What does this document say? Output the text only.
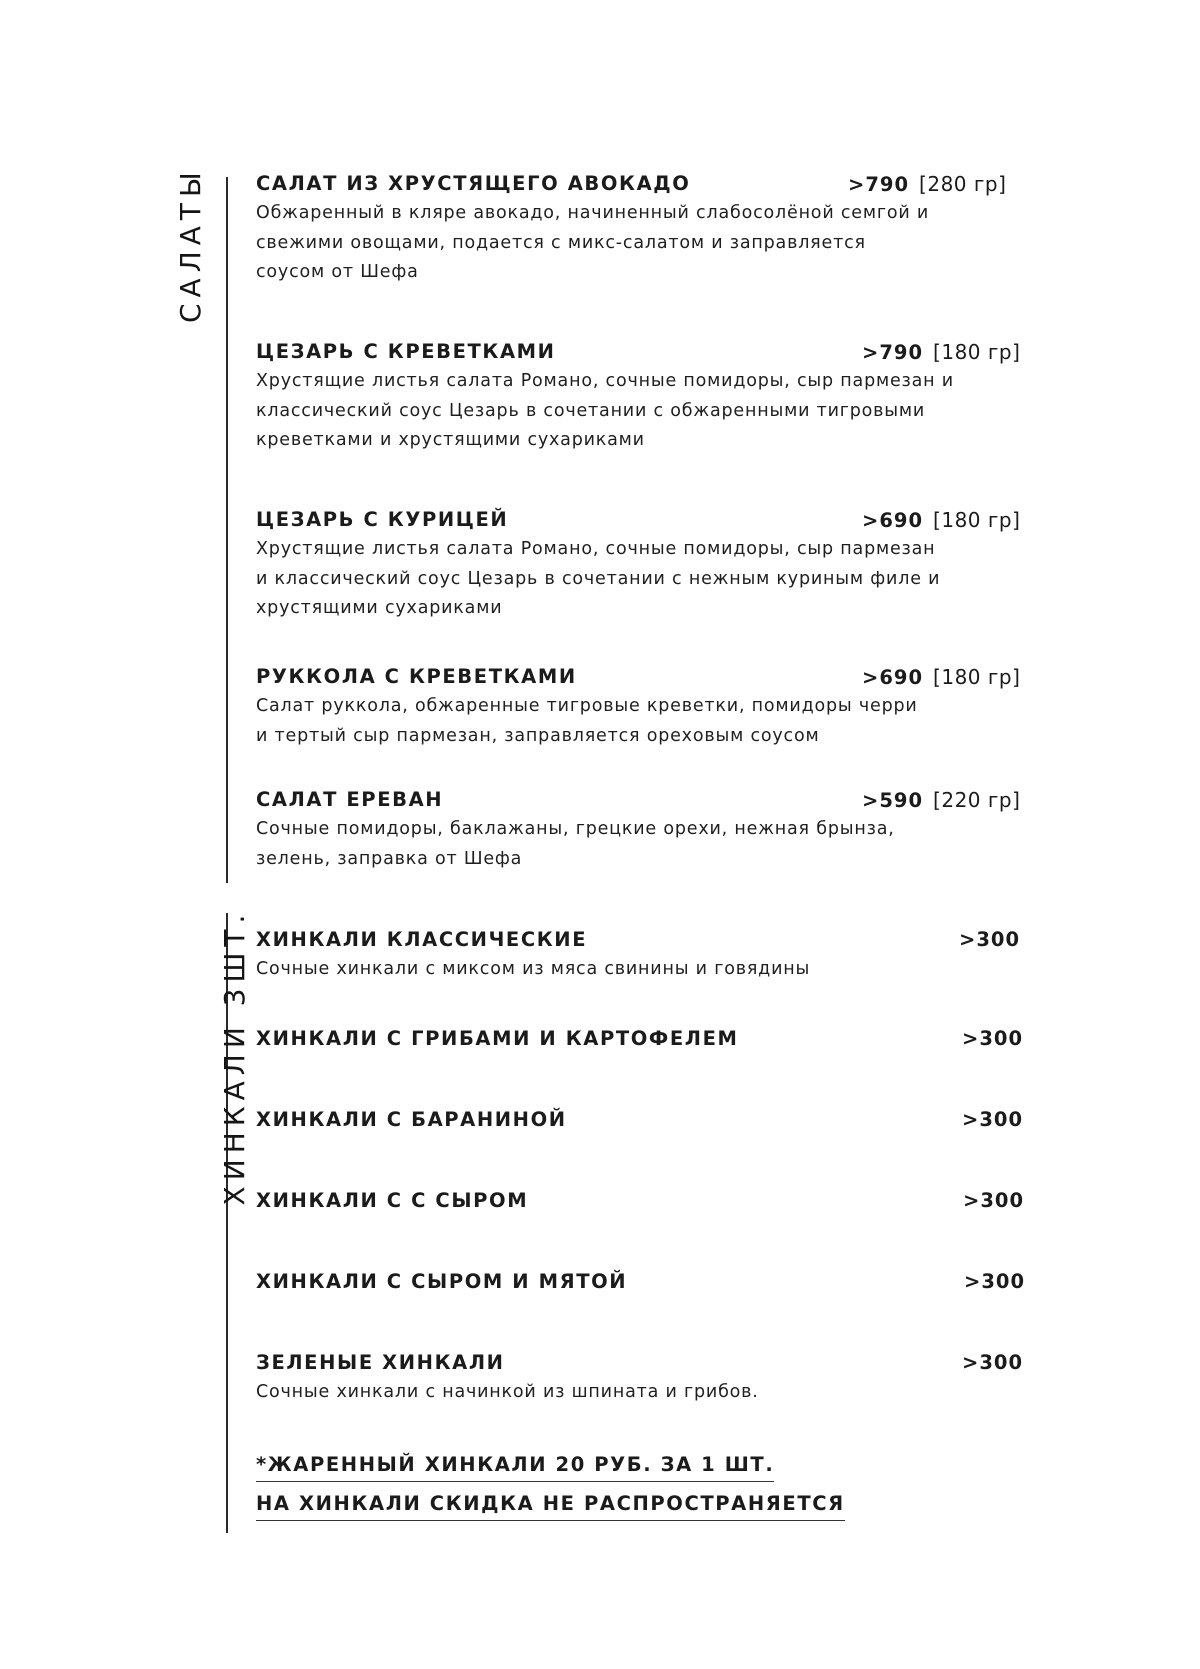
САЛАТЫ
ХИНКАЛИ 3ШТ.
САЛАТ ИЗ ХРУСТЯЩЕГО АВОКАДО	>790 [280 гр]
Обжаренный в кляре авокадо, начиненный слабосолёной семгой и
свежими овощами, подается с микс-салатом и заправляется
соусом от Шефа
ЦЕЗАРЬ С КРЕВЕТКАМИ	>790 [180 гр]
Хрустящие листья салата Романо, сочные помидоры, сыр пармезан и
классический соус Цезарь в сочетании с обжаренными тигровыми
креветками и хрустящими сухариками
ЦЕЗАРЬ С КУРИЦЕЙ	>690 [180 гр]
Хрустящие листья салата Романо, сочные помидоры, сыр пармезан
и классический соус Цезарь в сочетании с нежным куриным филе и
хрустящими сухариками
РУККОЛА С КРЕВЕТКАМИ	>690 [180 гр]
Салат руккола, обжаренные тигровые креветки, помидоры черри
и тертый сыр пармезан, заправляется ореховым соусом
САЛАТ ЕРЕВАН	>590 [220 гр]
Сочные помидоры, баклажаны, грецкие орехи, нежная брынза,
зелень, заправка от Шефа
ХИНКАЛИ КЛАССИЧЕСКИЕ	>300
Сочные хинкали с миксом из мяса свинины и говядины
ХИНКАЛИ С ГРИБАМИ И КАРТОФЕЛЕМ	>300
ХИНКАЛИ С БАРАНИНОЙ	>300
ХИНКАЛИ С С СЫРОМ	>300
ХИНКАЛИ С СЫРОМ И МЯТОЙ	>300
ЗЕЛЕНЫЕ ХИНКАЛИ	>300
Сочные хинкали с начинкой из шпината и грибов.
*ЖАРЕННЫЙ ХИНКАЛИ 20 РУБ. ЗА 1 ШТ.
НА ХИНКАЛИ СКИДКА НЕ РАСПРОСТРАНЯЕТСЯ
